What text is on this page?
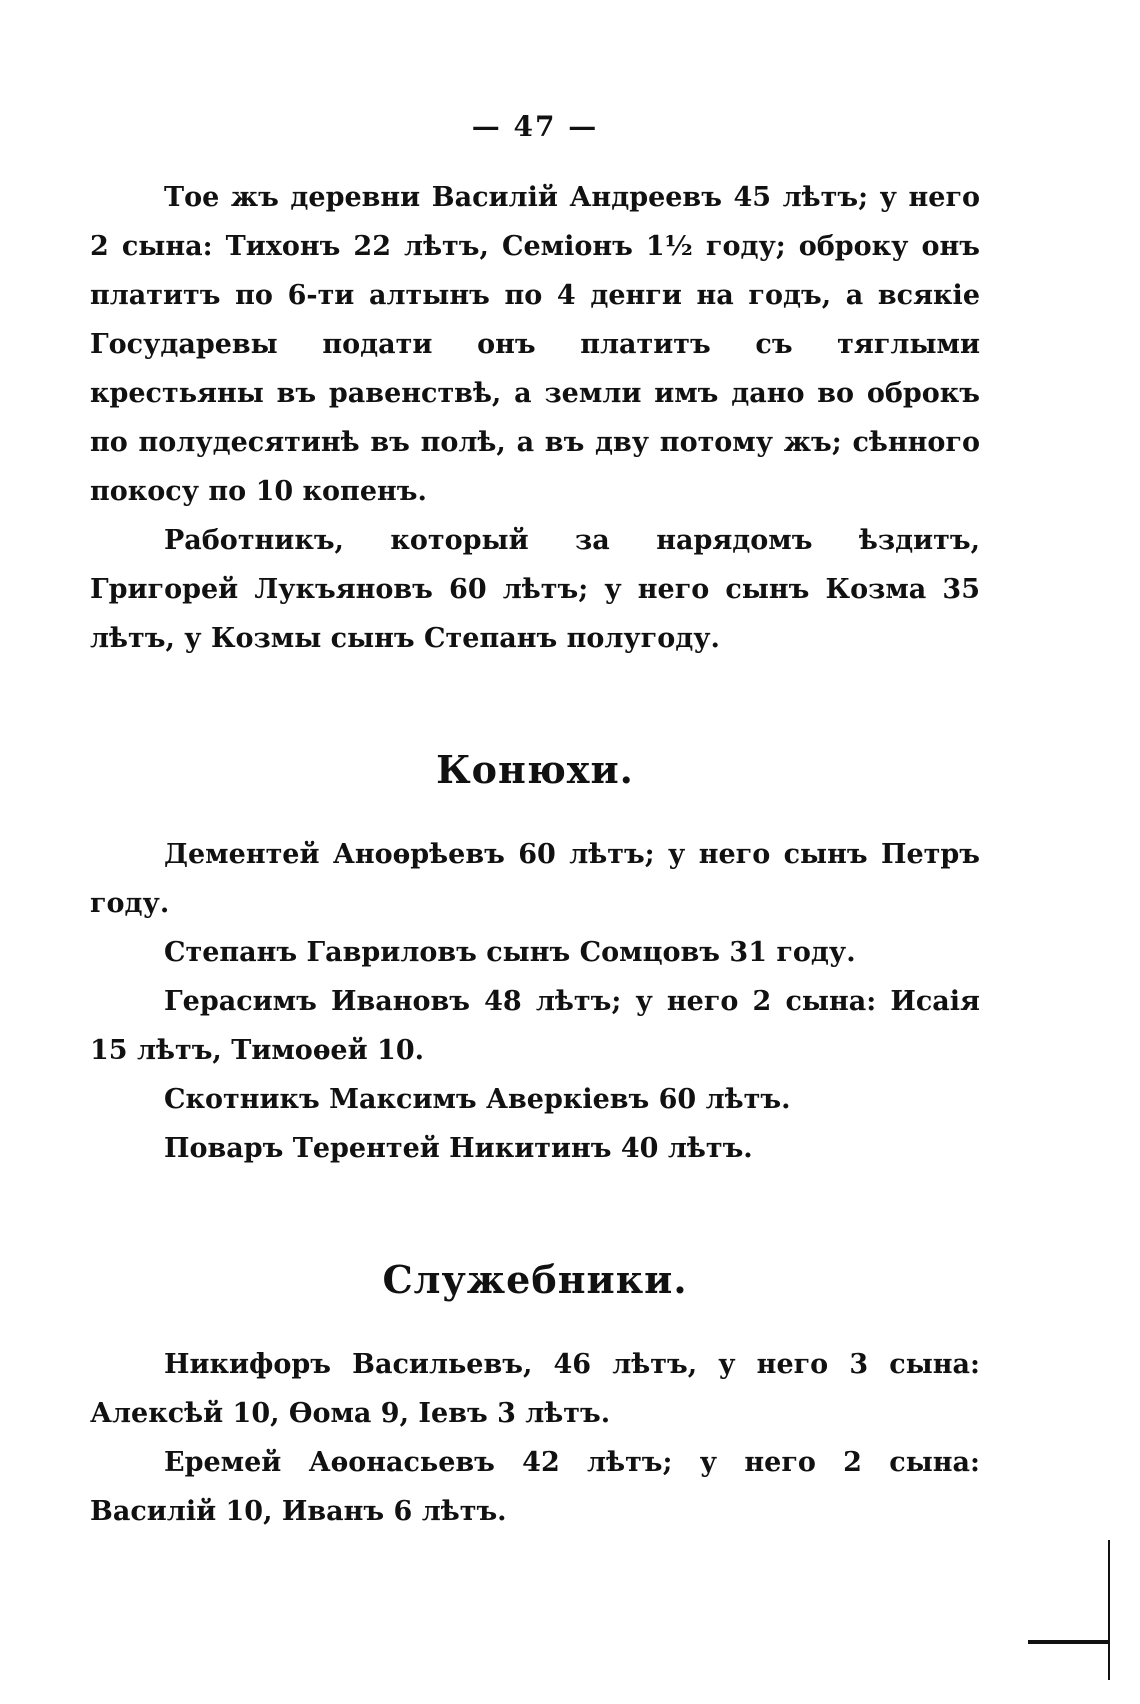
— 47 —

Тое жъ деревни Василій Андреевъ 45 лѣтъ; у него 2 сына: Тихонъ 22 лѣтъ, Семіонъ 1½ году; оброку онъ платитъ по 6-ти алтынъ по 4 денги на годъ, а всякіе Государевы подати онъ платитъ съ тяглыми крестьяны въ равенствѣ, а земли имъ дано во оброкъ по полудесятинѣ въ полѣ, а въ дву потому жъ; сѣнного покосу по 10 копенъ.

Работникъ, который за нарядомъ ѣздитъ, Григорей Лукъяновъ 60 лѣтъ; у него сынъ Козма 35 лѣтъ, у Козмы сынъ Степанъ полугоду.

Конюхи.

Дементей Аноѳрѣевъ 60 лѣтъ; у него сынъ Петръ году.

Степанъ Гавриловъ сынъ Сомцовъ 31 году.

Герасимъ Ивановъ 48 лѣтъ; у него 2 сына: Исаія 15 лѣтъ, Тимоѳей 10.

Скотникъ Максимъ Аверкіевъ 60 лѣтъ.

Поваръ Терентей Никитинъ 40 лѣтъ.

Служебники.

Никифоръ Васильевъ, 46 лѣтъ, у него 3 сына: Алексѣй 10, Ѳома 9, Іевъ 3 лѣтъ.

Еремей Аѳонасьевъ 42 лѣтъ; у него 2 сына: Василій 10, Иванъ 6 лѣтъ.
